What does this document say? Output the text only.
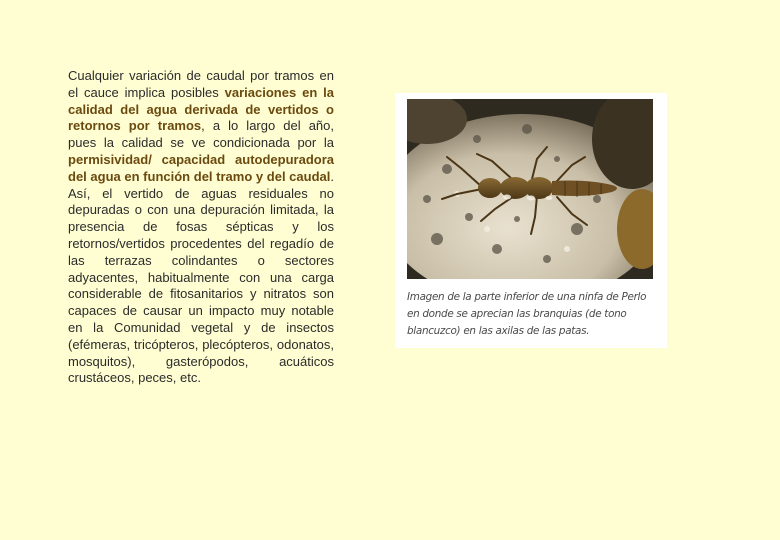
Cualquier variación de caudal por tramos en el cauce implica posibles variaciones en la calidad del agua derivada de vertidos o retornos por tramos, a lo largo del año, pues la calidad se ve condicionada por la permisividad/ capacidad autodepuradora del agua en función del tramo y del caudal. Así, el vertido de aguas residuales no depuradas o con una depuración limitada, la presencia de fosas sépticas y los retornos/vertidos procedentes del regadío de las terrazas colindantes o sectores adyacentes, habitualmente con una carga considerable de fitosanitarios y nitratos son capaces de causar un impacto muy notable en la Comunidad vegetal y de insectos (efémeras, tricópteros, plecópteros, odonatos, mosquitos), gasterópodos, acuáticos crustáceos, peces, etc.

Imagen de la parte inferior de una ninfa de Perlo en donde se aprecian las branquias (de tono blancuzco) en las axilas de las patas.
